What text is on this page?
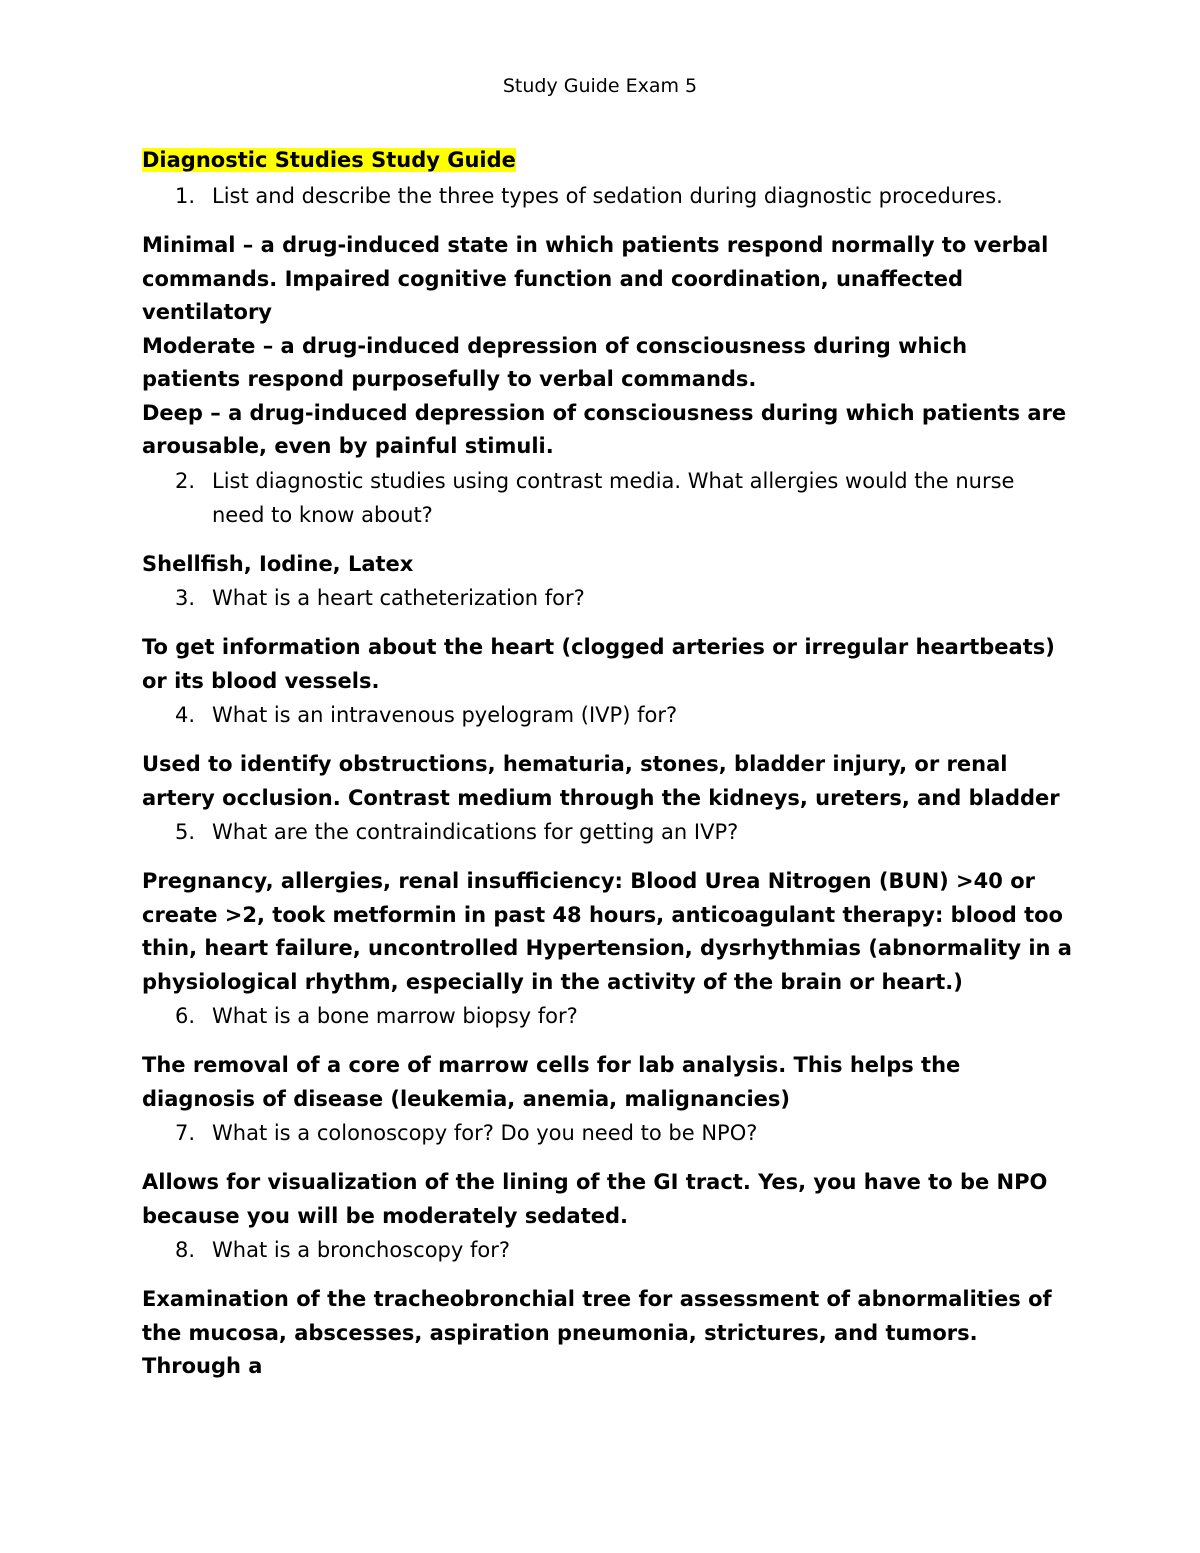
Study Guide Exam 5
Diagnostic Studies Study Guide
1. List and describe the three types of sedation during diagnostic procedures.
Minimal – a drug-induced state in which patients respond normally to verbal commands. Impaired cognitive function and coordination, unaffected ventilatory
Moderate – a drug-induced depression of consciousness during which patients respond purposefully to verbal commands.
Deep – a drug-induced depression of consciousness during which patients are arousable, even by painful stimuli.
2. List diagnostic studies using contrast media. What allergies would the nurse need to know about?
Shellfish, Iodine, Latex
3. What is a heart catheterization for?
To get information about the heart (clogged arteries or irregular heartbeats) or its blood vessels.
4. What is an intravenous pyelogram (IVP) for?
Used to identify obstructions, hematuria, stones, bladder injury, or renal artery occlusion. Contrast medium through the kidneys, ureters, and bladder
5. What are the contraindications for getting an IVP?
Pregnancy, allergies, renal insufficiency: Blood Urea Nitrogen (BUN) >40 or create >2, took metformin in past 48 hours, anticoagulant therapy: blood too thin, heart failure, uncontrolled Hypertension, dysrhythmias (abnormality in a physiological rhythm, especially in the activity of the brain or heart.)
6. What is a bone marrow biopsy for?
The removal of a core of marrow cells for lab analysis. This helps the diagnosis of disease (leukemia, anemia, malignancies)
7. What is a colonoscopy for? Do you need to be NPO?
Allows for visualization of the lining of the GI tract. Yes, you have to be NPO because you will be moderately sedated.
8. What is a bronchoscopy for?
Examination of the tracheobronchial tree for assessment of abnormalities of the mucosa, abscesses, aspiration pneumonia, strictures, and tumors. Through a
